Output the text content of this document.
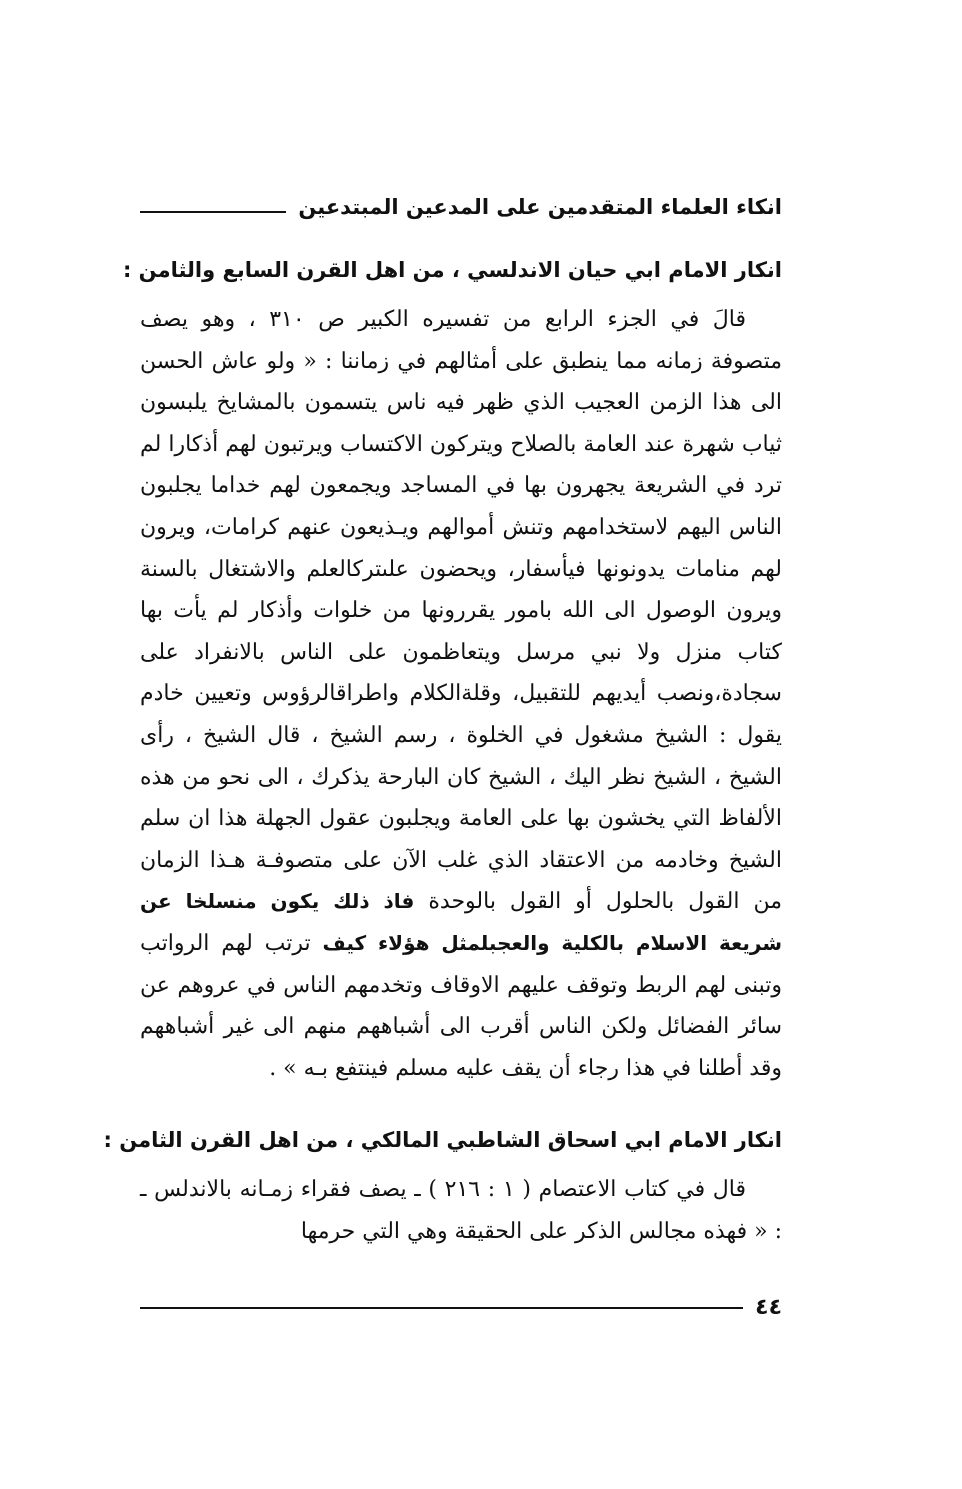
انكاء العلماء المتقدمين على المدعين المبتدعين
انكار الامام ابي حيان الاندلسي ، من اهل القرن السابع والثامن :
قالَ في الجزء الرابع من تفسيره الكبير ص ٣١٠ ، وهو يصف متصوفة زمانه مما ينطبق على أمثالهم في زماننا : « ولو عاش الحسن الى هذا الزمن العجيب الذي ظهر فيه ناس يتسمون بالمشايخ يلبسون ثياب شهرة عند العامة بالصلاح ويتركون الاكتساب ويرتبون لهم أذكارا لم ترد في الشريعة يجهرون بها في المساجد ويجمعون لهم خداما يجلبون الناس اليهم لاستخدامهم وتنش أموالهم ويـذيعون عنهم كرامات، ويرون لهم منامات يدونونها فيأسفار، ويحضون علىتركالعلم والاشتغال بالسنة ويرون الوصول الى الله بامور يقررونها من خلوات وأذكار لم يأت بها كتاب منزل ولا نبي مرسل ويتعاظمون على الناس بالانفراد على سجادة،ونصب أيديهم للتقبيل، وقلةالكلام واطراقالرؤوس وتعيين خادم يقول : الشيخ مشغول في الخلوة ، رسم الشيخ ، قال الشيخ ، رأى الشيخ ، الشيخ نظر اليك ، الشيخ كان البارحة يذكرك ، الى نحو من هذه الألفاظ التي يخشون بها على العامة ويجلبون عقول الجهلة هذا ان سلم الشيخ وخادمه من الاعتقاد الذي غلب الآن على متصوفـة هـذا الزمان من القول بالحلول أو القول بالوحدة فاذ ذلك يكون منسلخا عن شريعة الاسلام بالكلية والعجبلمثل هؤلاء كيف ترتب لهم الرواتب وتبنى لهم الربط وتوقف عليهم الاوقاف وتخدمهم الناس في عروهم عن سائر الفضائل ولكن الناس أقرب الى أشباههم منهم الى غير أشباههم وقد أطلنا في هذا رجاء أن يقف عليه مسلم فينتفع بـه » .
انكار الامام ابي اسحاق الشاطبي المالكي ، من اهل القرن الثامن :
قال في كتاب الاعتصام ( ١ : ٢١٦ ) ـ يصف فقراء زمـانه بالاندلس ـ : « فهذه مجالس الذكر على الحقيقة وهي التي حرمها
٤٤
